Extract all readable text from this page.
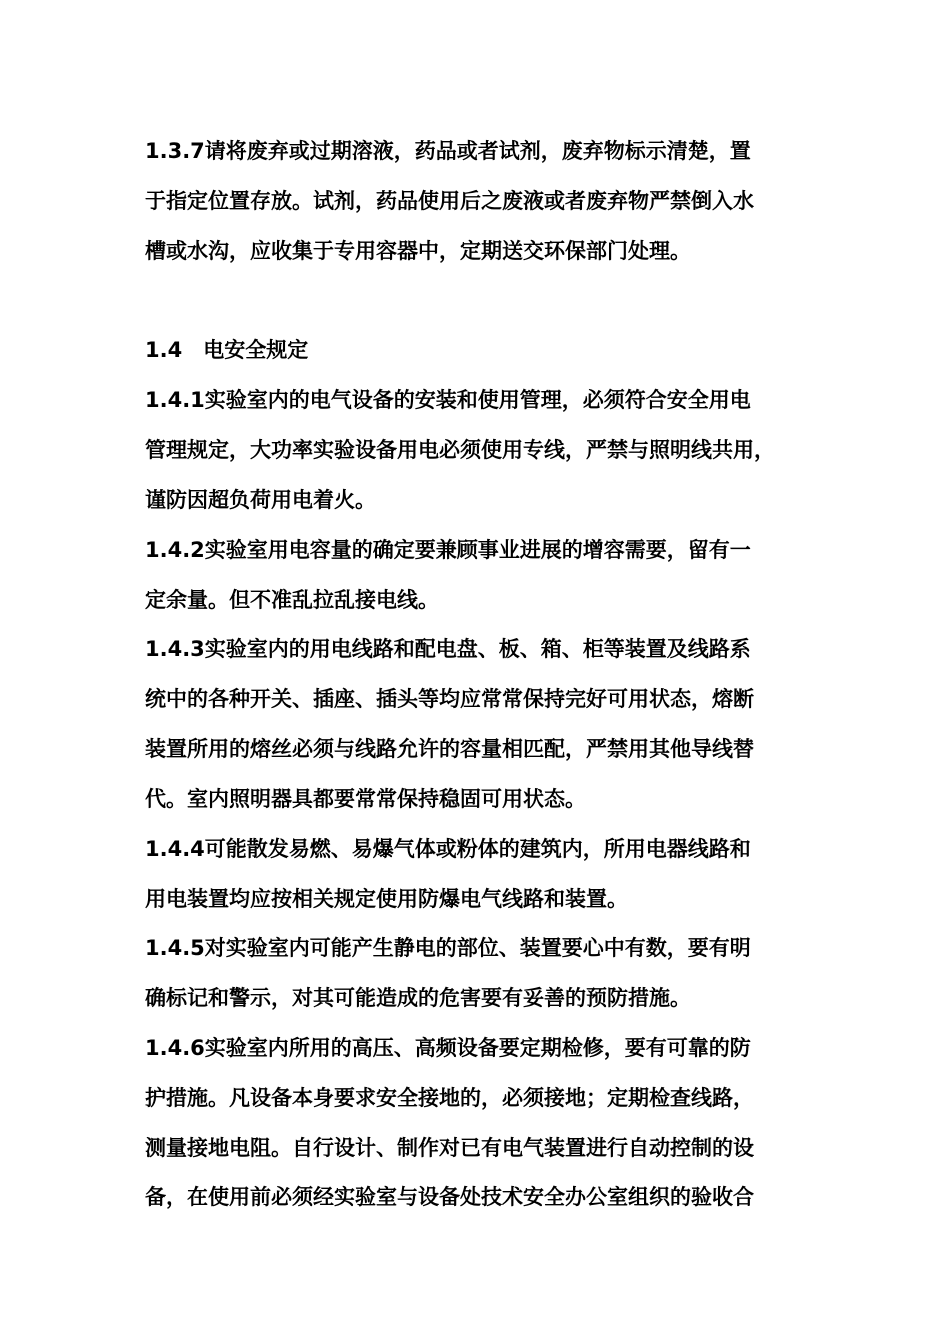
1.3.7请将废弃或过期溶液，药品或者试剂，废弃物标示清楚，置
于指定位置存放。试剂，药品使用后之废液或者废弃物严禁倒入水
槽或水沟，应收集于专用容器中，定期送交环保部门处理。
1.4　电安全规定
1.4.1实验室内的电气设备的安装和使用管理，必须符合安全用电
管理规定，大功率实验设备用电必须使用专线，严禁与照明线共用，
谨防因超负荷用电着火。
1.4.2实验室用电容量的确定要兼顾事业进展的增容需要，留有一
定余量。但不准乱拉乱接电线。
1.4.3实验室内的用电线路和配电盘、板、箱、柜等装置及线路系
统中的各种开关、插座、插头等均应常常保持完好可用状态，熔断
装置所用的熔丝必须与线路允许的容量相匹配，严禁用其他导线替
代。室内照明器具都要常常保持稳固可用状态。
1.4.4可能散发易燃、易爆气体或粉体的建筑内，所用电器线路和
用电装置均应按相关规定使用防爆电气线路和装置。
1.4.5对实验室内可能产生静电的部位、装置要心中有数，要有明
确标记和警示，对其可能造成的危害要有妥善的预防措施。
1.4.6实验室内所用的高压、高频设备要定期检修，要有可靠的防
护措施。凡设备本身要求安全接地的，必须接地；定期检查线路，
测量接地电阻。自行设计、制作对已有电气装置进行自动控制的设
备，在使用前必须经实验室与设备处技术安全办公室组织的验收合
